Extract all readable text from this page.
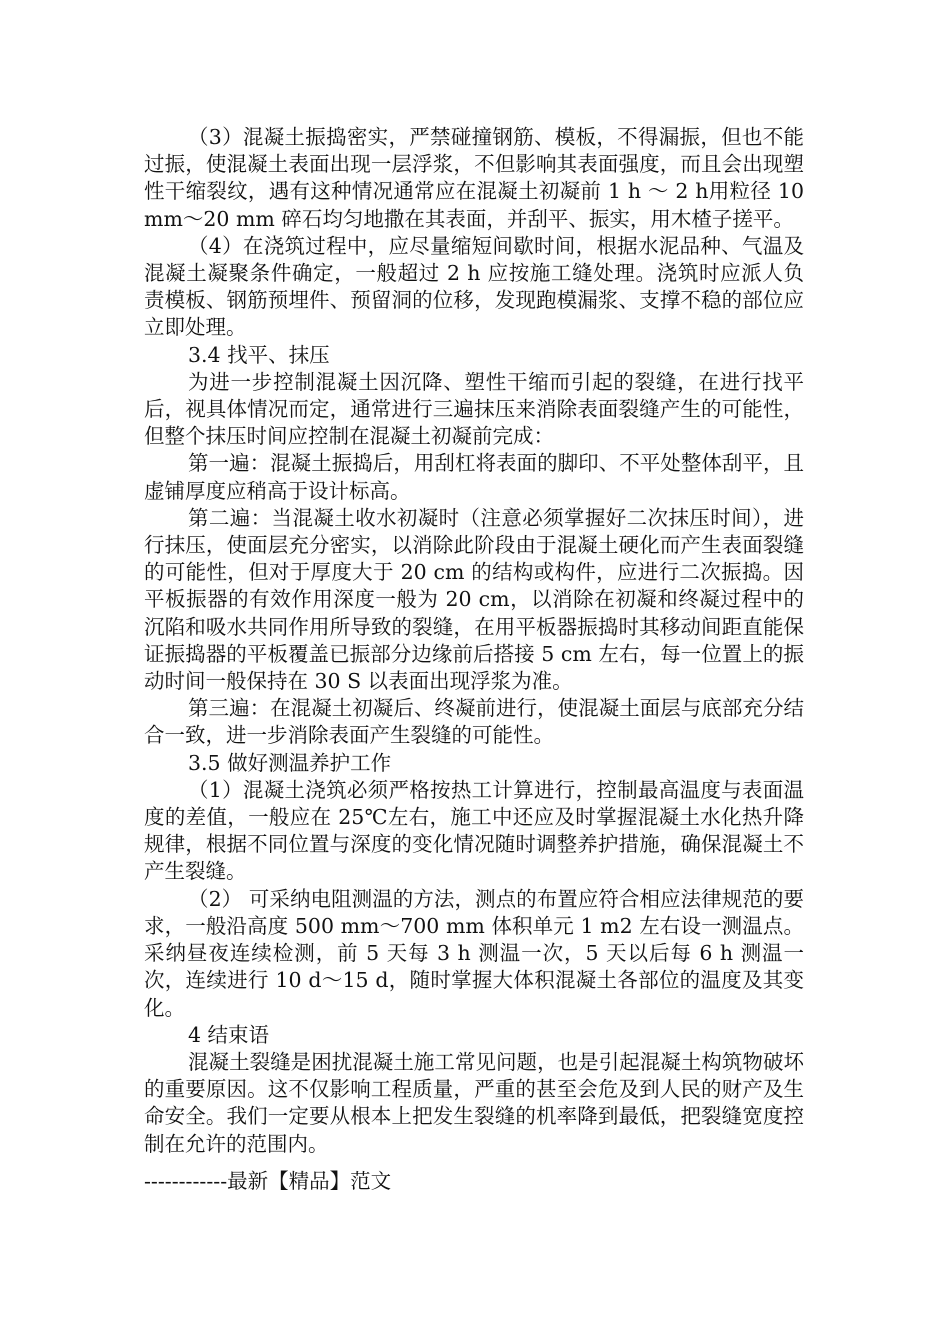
（3）混凝土振捣密实，严禁碰撞钢筋、模板，不得漏振，但也不能过振，使混凝土表面出现一层浮浆，不但影响其表面强度，而且会出现塑性干缩裂纹，遇有这种情况通常应在混凝土初凝前 1 h ～ 2 h用粒径 10 mm～20 mm 碎石均匀地撒在其表面，并刮平、振实，用木楂子搓平。

（4）在浇筑过程中，应尽量缩短间歇时间，根据水泥品种、气温及混凝土凝聚条件确定，一般超过 2 h 应按施工缝处理。浇筑时应派人负责模板、钢筋预埋件、预留洞的位移，发现跑模漏浆、支撑不稳的部位应立即处理。

3.4 找平、抹压

为进一步控制混凝土因沉降、塑性干缩而引起的裂缝，在进行找平后，视具体情况而定，通常进行三遍抹压来消除表面裂缝产生的可能性，但整个抹压时间应控制在混凝土初凝前完成：

第一遍：混凝土振捣后，用刮杠将表面的脚印、不平处整体刮平，且虚铺厚度应稍高于设计标高。

第二遍：当混凝土收水初凝时（注意必须掌握好二次抹压时间），进行抹压，使面层充分密实，以消除此阶段由于混凝土硬化而产生表面裂缝的可能性，但对于厚度大于 20 cm 的结构或构件，应进行二次振捣。因平板振器的有效作用深度一般为 20 cm，以消除在初凝和终凝过程中的沉陷和吸水共同作用所导致的裂缝，在用平板器振捣时其移动间距直能保证振捣器的平板覆盖已振部分边缘前后搭接 5 cm 左右，每一位置上的振动时间一般保持在 30 S 以表面出现浮浆为准。

第三遍：在混凝土初凝后、终凝前进行，使混凝土面层与底部充分结合一致，进一步消除表面产生裂缝的可能性。

3.5 做好测温养护工作

（1）混凝土浇筑必须严格按热工计算进行，控制最高温度与表面温度的差值，一般应在 25℃左右，施工中还应及时掌握混凝土水化热升降规律，根据不同位置与深度的变化情况随时调整养护措施，确保混凝土不产生裂缝。

（2） 可采纳电阻测温的方法，测点的布置应符合相应法律规范的要求，一般沿高度 500 mm～700 mm 体积单元 1 m2 左右设一测温点。采纳昼夜连续检测，前 5 天每 3 h 测温一次，5 天以后每 6 h 测温一次，连续进行 10 d～15 d，随时掌握大体积混凝土各部位的温度及其变化。

4 结束语

混凝土裂缝是困扰混凝土施工常见问题，也是引起混凝土构筑物破坏的重要原因。这不仅影响工程质量，严重的甚至会危及到人民的财产及生命安全。我们一定要从根本上把发生裂缝的机率降到最低，把裂缝宽度控制在允许的范围内。

------------最新【精品】范文
